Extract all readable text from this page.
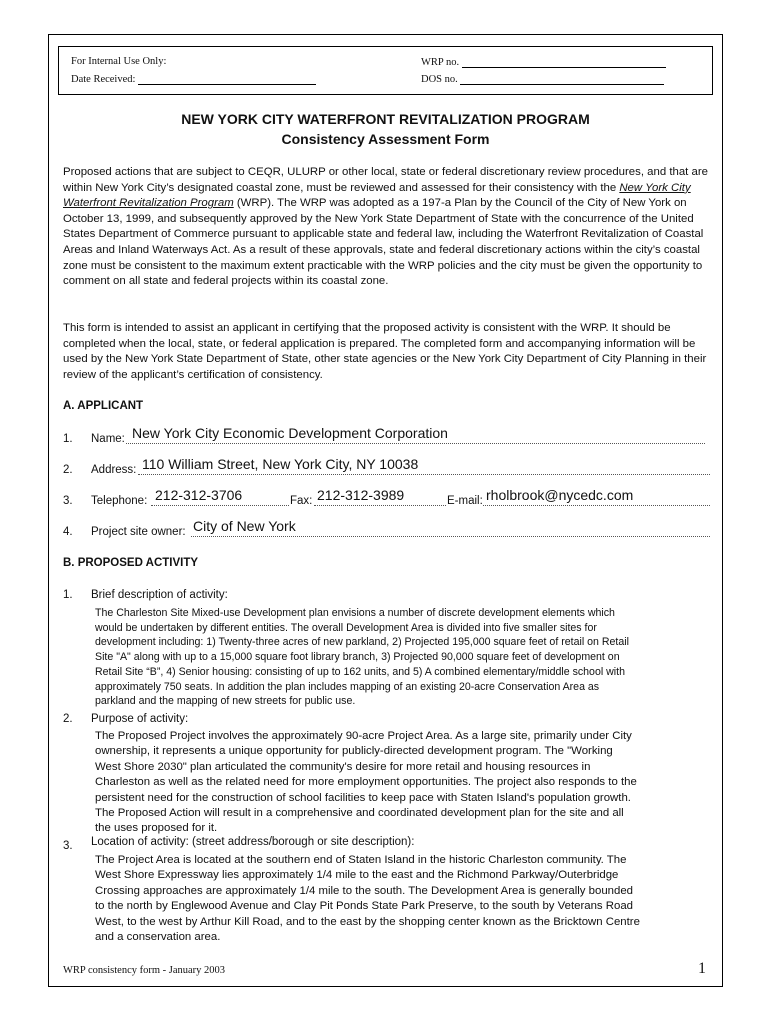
For Internal Use Only:
Date Received:
WRP no.
DOS no.
NEW YORK CITY WATERFRONT REVITALIZATION PROGRAM
Consistency Assessment Form

Proposed actions that are subject to CEQR, ULURP or other local, state or federal discretionary review procedures, and that are within New York City’s designated coastal zone, must be reviewed and assessed for their consistency with the New York City Waterfront Revitalization Program (WRP). The WRP was adopted as a 197-a Plan by the Council of the City of New York on October 13, 1999, and subsequently approved by the New York State Department of State with the concurrence of the United States Department of Commerce pursuant to applicable state and federal law, including the Waterfront Revitalization of Coastal Areas and Inland Waterways Act. As a result of these approvals, state and federal discretionary actions within the city’s coastal zone must be consistent to the maximum extent practicable with the WRP policies and the city must be given the opportunity to comment on all state and federal projects within its coastal zone.

This form is intended to assist an applicant in certifying that the proposed activity is consistent with the WRP. It should be completed when the local, state, or federal application is prepared. The completed form and accompanying information will be used by the New York State Department of State, other state agencies or the New York City Department of City Planning in their review of the applicant’s certification of consistency.

A. APPLICANT
1. Name: New York City Economic Development Corporation
2. Address: 110 William Street, New York City, NY 10038
3. Telephone: 212-312-3706	Fax: 212-312-3989	E-mail: rholbrook@nycedc.com
4. Project site owner: City of New York
B. PROPOSED ACTIVITY
1. Brief description of activity:

The Charleston Site Mixed-use Development plan envisions a number of discrete development elements which would be undertaken by different entities. The overall Development Area is divided into five smaller sites for development including: 1) Twenty-three acres of new parkland, 2) Projected 195,000 square feet of retail on Retail Site "A" along with up to a 15,000 square foot library branch, 3) Projected 90,000 square feet of development on Retail Site “B”, 4) Senior housing: consisting of up to 162 units, and 5) A combined elementary/middle school with approximately 750 seats. In addition the plan includes mapping of an existing 20-acre Conservation Area as parkland and the mapping of new streets for public use.

2. Purpose of activity:

The Proposed Project involves the approximately 90-acre Project Area. As a large site, primarily under City ownership, it represents a unique opportunity for publicly-directed development program. The "Working West Shore 2030" plan articulated the community's desire for more retail and housing resources in Charleston as well as the related need for more employment opportunities. The project also responds to the persistent need for the construction of school facilities to keep pace with Staten Island's population growth. The Proposed Action will result in a comprehensive and coordinated development plan for the site and all the uses proposed for it.

3. Location of activity: (street address/borough or site description):

The Project Area is located at the southern end of Staten Island in the historic Charleston community. The West Shore Expressway lies approximately 1/4 mile to the east and the Richmond Parkway/Outerbridge Crossing approaches are approximately 1/4 mile to the south. The Development Area is generally bounded to the north by Englewood Avenue and Clay Pit Ponds State Park Preserve, to the south by Veterans Road West, to the west by Arthur Kill Road, and to the east by the shopping center known as the Bricktown Centre and a conservation area.

WRP consistency form - January 2003	1
